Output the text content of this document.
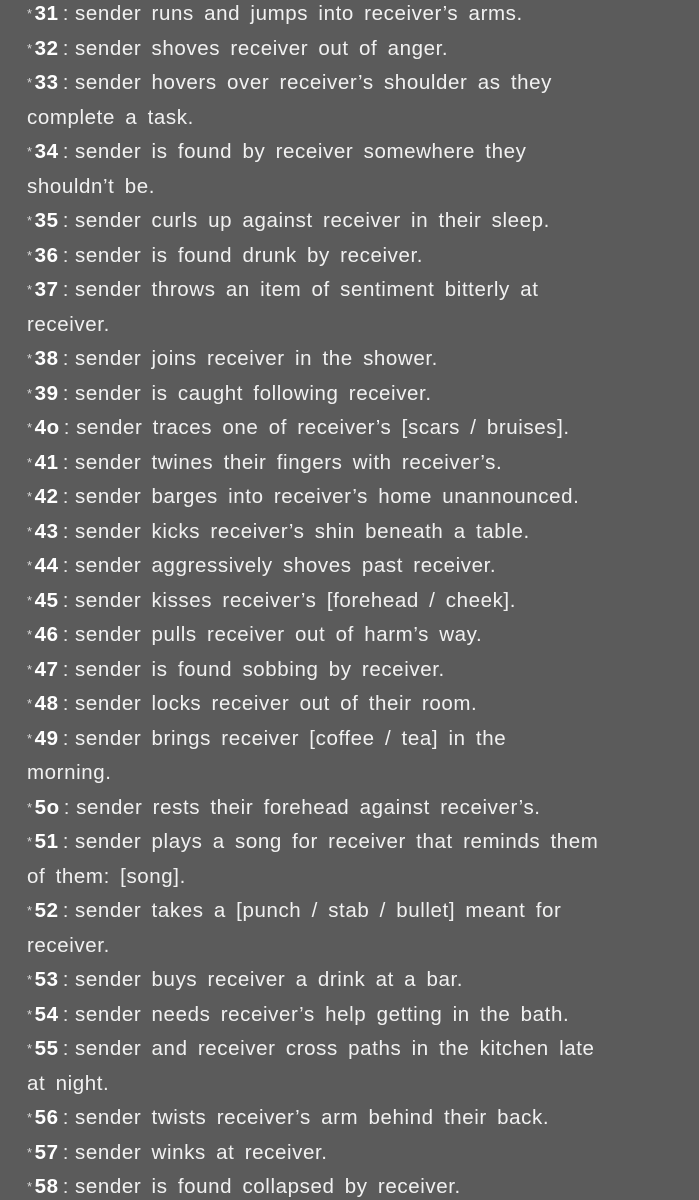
*31 : sender runs and jumps into receiver’s arms.
*32 : sender shoves receiver out of anger.
*33 : sender hovers over receiver’s shoulder as they
complete a task.
*34 : sender is found by receiver somewhere they
shouldn’t be.
*35 : sender curls up against receiver in their sleep.
*36 : sender is found drunk by receiver.
*37 : sender throws an item of sentiment bitterly at
receiver.
*38 : sender joins receiver in the shower.
*39 : sender is caught following receiver.
*4o : sender traces one of receiver’s [scars / bruises].
*41 : sender twines their fingers with receiver’s.
*42 : sender barges into receiver’s home unannounced.
*43 : sender kicks receiver’s shin beneath a table.
*44 : sender aggressively shoves past receiver.
*45 : sender kisses receiver’s [forehead / cheek].
*46 : sender pulls receiver out of harm’s way.
*47 : sender is found sobbing by receiver.
*48 : sender locks receiver out of their room.
*49 : sender brings receiver [coffee / tea] in the
morning.
*5o : sender rests their forehead against receiver’s.
*51 : sender plays a song for receiver that reminds them
of them: [song].
*52 : sender takes a [punch / stab / bullet] meant for
receiver.
*53 : sender buys receiver a drink at a bar.
*54 : sender needs receiver’s help getting in the bath.
*55 : sender and receiver cross paths in the kitchen late
at night.
*56 : sender twists receiver’s arm behind their back.
*57 : sender winks at receiver.
*58 : sender is found collapsed by receiver.
